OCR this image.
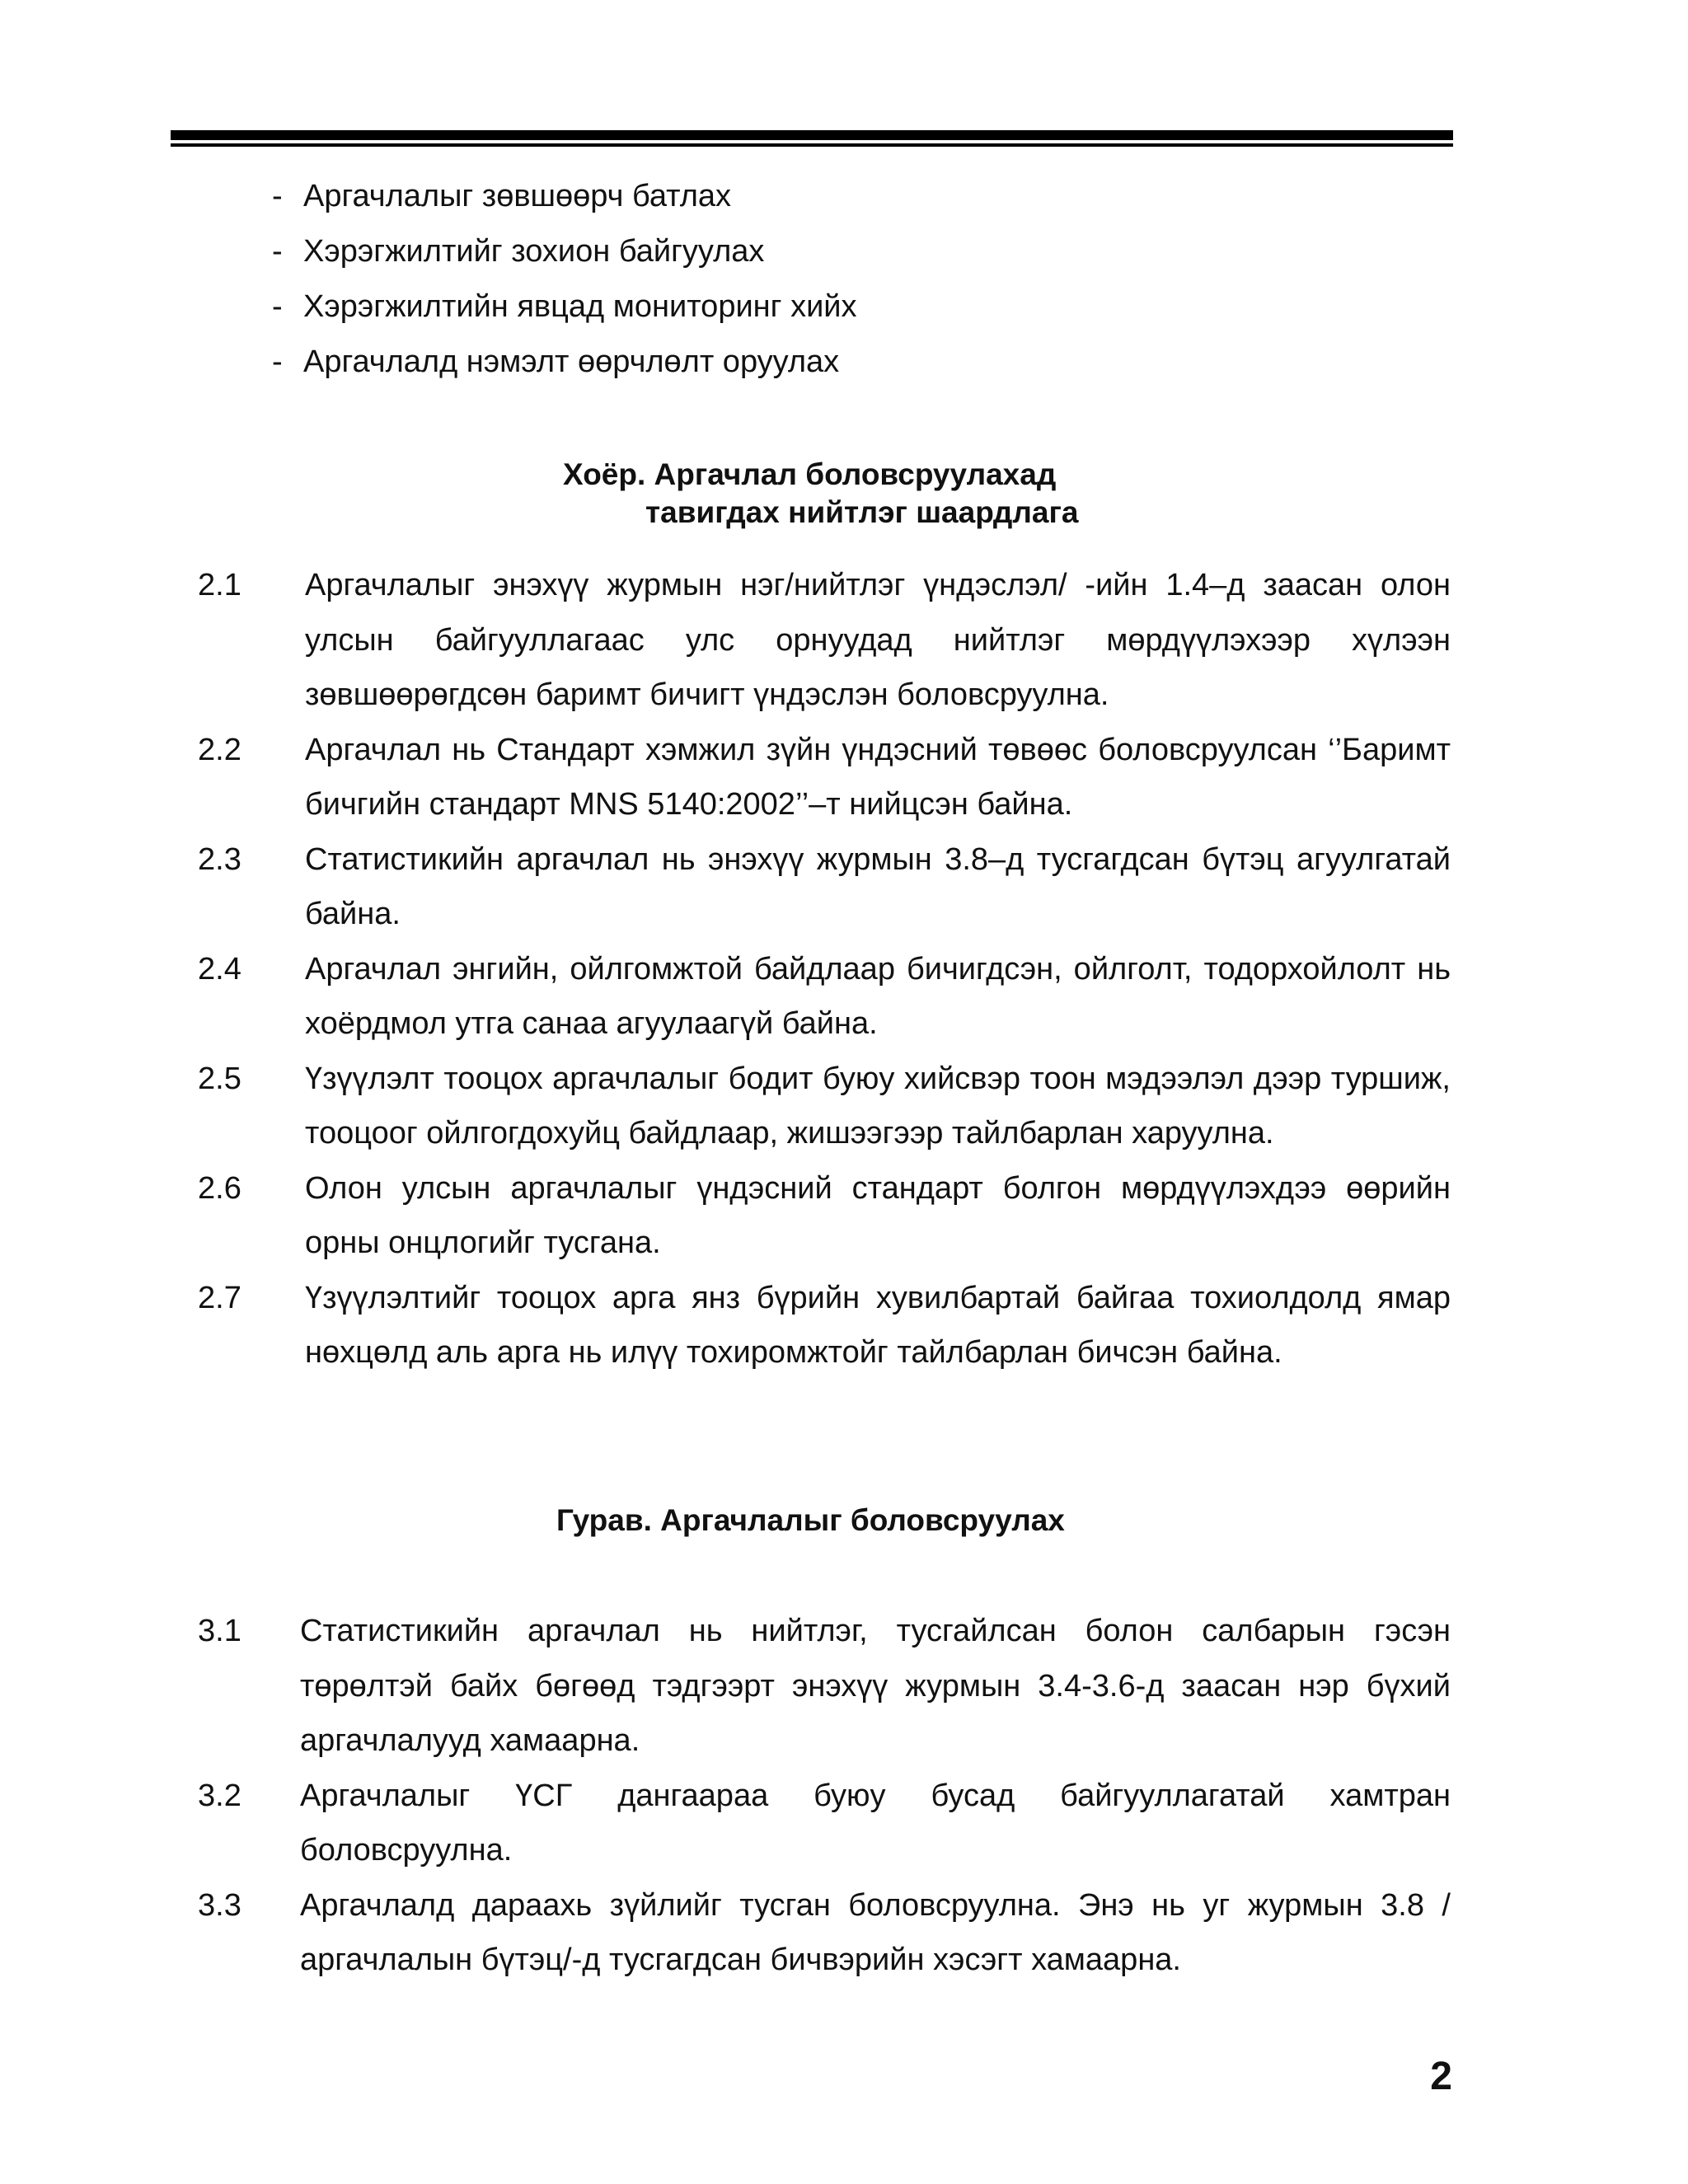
- Аргачлалыг зөвшөөрч батлах
- Хэрэгжилтийг зохион байгуулах
- Хэрэгжилтийн явцад мониторинг хийх
- Аргачлалд нэмэлт өөрчлөлт оруулах
Хоёр. Аргачлал боловсруулахад
тавигдах нийтлэг шаардлага
2.1 Аргачлалыг энэхүү журмын нэг/нийтлэг үндэслэл/ -ийн 1.4–д заасан олон улсын байгууллагаас улс орнуудад нийтлэг мөрдүүлэхээр хүлээн зөвшөөрөгдсөн баримт бичигт үндэслэн боловсруулна.
2.2 Аргачлал нь Стандарт хэмжил зүйн үндэсний төвөөс боловсруулсан ‘’Баримт бичгийн стандарт MNS 5140:2002’’–т нийцсэн байна.
2.3 Статистикийн аргачлал нь энэхүү журмын 3.8–д тусгагдсан бүтэц агуулгатай байна.
2.4 Аргачлал энгийн, ойлгомжтой байдлаар бичигдсэн, ойлголт, тодорхойлолт нь хоёрдмол утга санаа агуулаагүй байна.
2.5 Үзүүлэлт тооцох аргачлалыг бодит буюу хийсвэр тоон мэдээлэл дээр туршиж, тооцоог ойлгогдохуйц байдлаар, жишээгээр тайлбарлан харуулна.
2.6 Олон улсын аргачлалыг үндэсний стандарт болгон мөрдүүлэхдээ өөрийн орны онцлогийг тусгана.
2.7 Үзүүлэлтийг тооцох арга янз бүрийн хувилбартай байгаа тохиолдолд ямар нөхцөлд аль арга нь илүү тохиромжтойг тайлбарлан бичсэн байна.
Гурав. Аргачлалыг боловсруулах
3.1 Статистикийн аргачлал нь нийтлэг, тусгайлсан болон салбарын гэсэн төрөлтэй байх бөгөөд тэдгээрт энэхүү журмын 3.4-3.6-д заасан нэр бүхий аргачлалууд хамаарна.
3.2 Аргачлалыг ҮСГ дангаараа буюу бусад байгууллагатай хамтран боловсруулна.
3.3 Аргачлалд дараахь зүйлийг тусган боловсруулна. Энэ нь уг журмын 3.8 /аргачлалын бүтэц/-д тусгагдсан бичвэрийн хэсэгт хамаарна.
2
